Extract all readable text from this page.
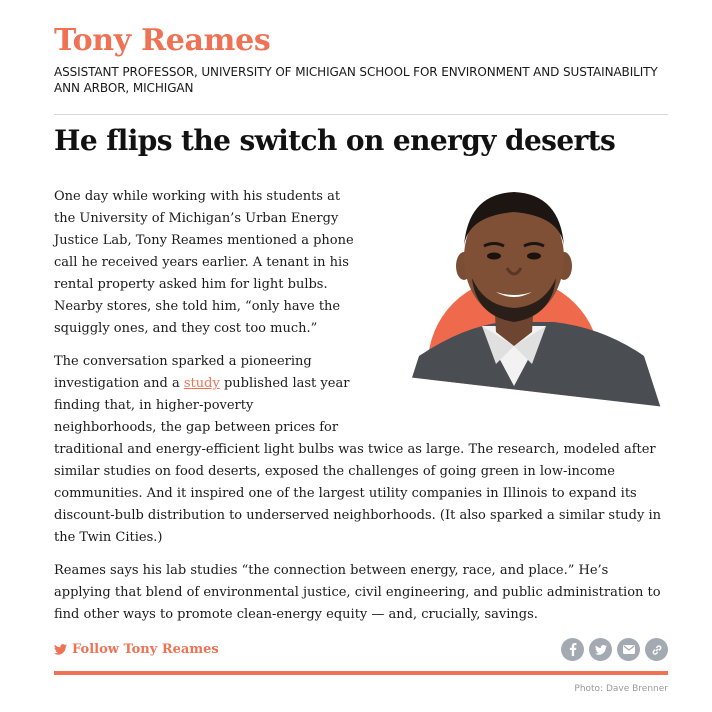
Tony Reames
ASSISTANT PROFESSOR, UNIVERSITY OF MICHIGAN SCHOOL FOR ENVIRONMENT AND SUSTAINABILITY
ANN ARBOR, MICHIGAN
He flips the switch on energy deserts

One day while working with his students at the University of Michigan’s Urban Energy Justice Lab, Tony Reames mentioned a phone call he received years earlier. A tenant in his rental property asked him for light bulbs. Nearby stores, she told him, “only have the squiggly ones, and they cost too much.”

The conversation sparked a pioneering investigation and a study published last year finding that, in higher-poverty neighborhoods, the gap between prices for traditional and energy-efficient light bulbs was twice as large. The research, modeled after similar studies on food deserts, exposed the challenges of going green in low-income communities. And it inspired one of the largest utility companies in Illinois to expand its discount-bulb distribution to underserved neighborhoods. (It also sparked a similar study in the Twin Cities.)

Reames says his lab studies “the connection between energy, race, and place.” He’s applying that blend of environmental justice, civil engineering, and public administration to find other ways to promote clean-energy equity — and, crucially, savings.

Follow Tony Reames
Photo: Dave Brenner
